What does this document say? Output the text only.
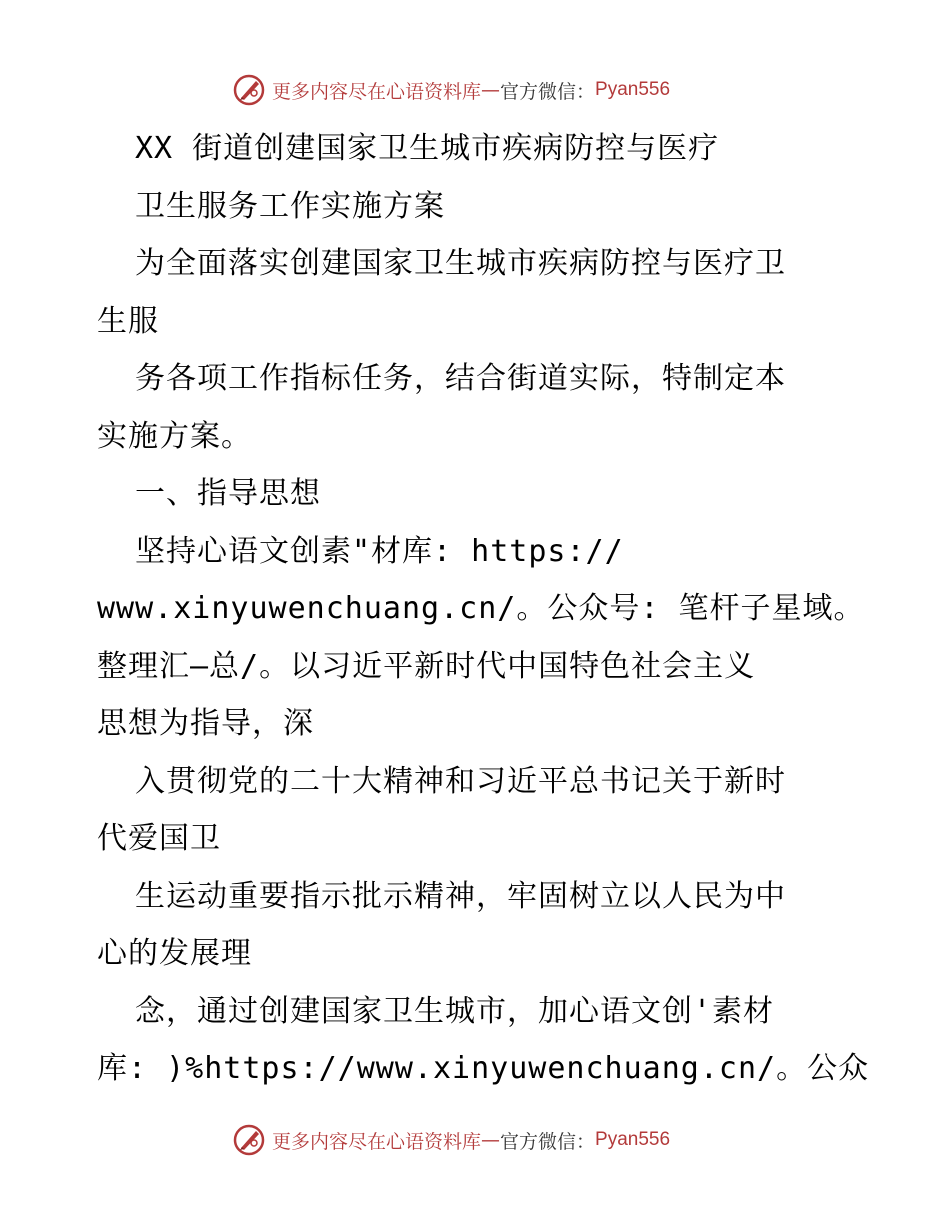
更多内容尽在心语资料库 — 官方微信： Pyan556
XX 街道创建国家卫生城市疾病防控与医疗
卫生服务工作实施方案
为全面落实创建国家卫生城市疾病防控与医疗卫
生服
务各项工作指标任务，结合街道实际，特制定本
实施方案。
一、指导思想
坚持心语文创素"材库: https://
www.xinyuwenchuang.cn/。公众号: 笔杆子星域。
整理汇—总/。以习近平新时代中国特色社会主义
思想为指导，深
入贯彻党的二十大精神和习近平总书记关于新时
代爱国卫
生运动重要指示批示精神，牢固树立以人民为中
心的发展理
念，通过创建国家卫生城市，加心语文创'素材
库: )%https://www.xinyuwenchuang.cn/。公众
更多内容尽在心语资料库 — 官方微信： Pyan556
